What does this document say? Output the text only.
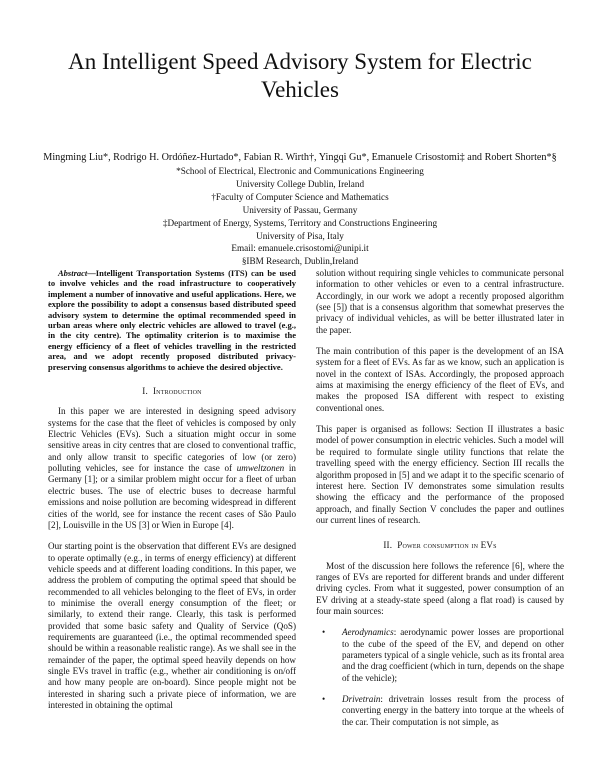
An Intelligent Speed Advisory System for Electric Vehicles
Mingming Liu*, Rodrigo H. Ordóñez-Hurtado*, Fabian R. Wirth†, Yingqi Gu*, Emanuele Crisostomi‡ and Robert Shorten*§
*School of Electrical, Electronic and Communications Engineering
University College Dublin, Ireland
†Faculty of Computer Science and Mathematics
University of Passau, Germany
‡Department of Energy, Systems, Territory and Constructions Engineering
University of Pisa, Italy
Email: emanuele.crisostomi@unipi.it
§IBM Research, Dublin,Ireland

Abstract—Intelligent Transportation Systems (ITS) can be used to involve vehicles and the road infrastructure to cooperatively implement a number of innovative and useful applications. Here, we explore the possibility to adopt a consensus based distributed speed advisory system to determine the optimal recommended speed in urban areas where only electric vehicles are allowed to travel (e.g., in the city centre). The optimality criterion is to maximise the energy efficiency of a fleet of vehicles travelling in the restricted area, and we adopt recently proposed distributed privacy-preserving consensus algorithms to achieve the desired objective.

I. Introduction

In this paper we are interested in designing speed advisory systems for the case that the fleet of vehicles is composed by only Electric Vehicles (EVs). Such a situation might occur in some sensitive areas in city centres that are closed to conventional traffic, and only allow transit to specific categories of low (or zero) polluting vehicles, see for instance the case of umweltzonen in Germany [1]; or a similar problem might occur for a fleet of urban electric buses. The use of electric buses to decrease harmful emissions and noise pollution are becoming widespread in different cities of the world, see for instance the recent cases of São Paulo [2], Louisville in the US [3] or Wien in Europe [4].

Our starting point is the observation that different EVs are designed to operate optimally (e.g., in terms of energy efficiency) at different vehicle speeds and at different loading conditions. In this paper, we address the problem of computing the optimal speed that should be recommended to all vehicles belonging to the fleet of EVs, in order to minimise the overall energy consumption of the fleet; or similarly, to extend their range. Clearly, this task is performed provided that some basic safety and Quality of Service (QoS) requirements are guaranteed (i.e., the optimal recommended speed should be within a reasonable realistic range). As we shall see in the remainder of the paper, the optimal speed heavily depends on how single EVs travel in traffic (e.g., whether air conditioning is on/off and how many people are on-board). Since people might not be interested in sharing such a private piece of information, we are interested in obtaining the optimal

solution without requiring single vehicles to communicate personal information to other vehicles or even to a central infrastructure. Accordingly, in our work we adopt a recently proposed algorithm (see [5]) that is a consensus algorithm that somewhat preserves the privacy of individual vehicles, as will be better illustrated later in the paper.

The main contribution of this paper is the development of an ISA system for a fleet of EVs. As far as we know, such an application is novel in the context of ISAs. Accordingly, the proposed approach aims at maximising the energy efficiency of the fleet of EVs, and makes the proposed ISA different with respect to existing conventional ones.

This paper is organised as follows: Section II illustrates a basic model of power consumption in electric vehicles. Such a model will be required to formulate single utility functions that relate the travelling speed with the energy efficiency. Section III recalls the algorithm proposed in [5] and we adapt it to the specific scenario of interest here. Section IV demonstrates some simulation results showing the efficacy and the performance of the proposed approach, and finally Section V concludes the paper and outlines our current lines of research.

II. Power consumption in EVs

Most of the discussion here follows the reference [6], where the ranges of EVs are reported for different brands and under different driving cycles. From what it suggested, power consumption of an EV driving at a steady-state speed (along a flat road) is caused by four main sources:

• Aerodynamics: aerodynamic power losses are proportional to the cube of the speed of the EV, and depend on other parameters typical of a single vehicle, such as its frontal area and the drag coefficient (which in turn, depends on the shape of the vehicle);
• Drivetrain: drivetrain losses result from the process of converting energy in the battery into torque at the wheels of the car. Their computation is not simple, as
